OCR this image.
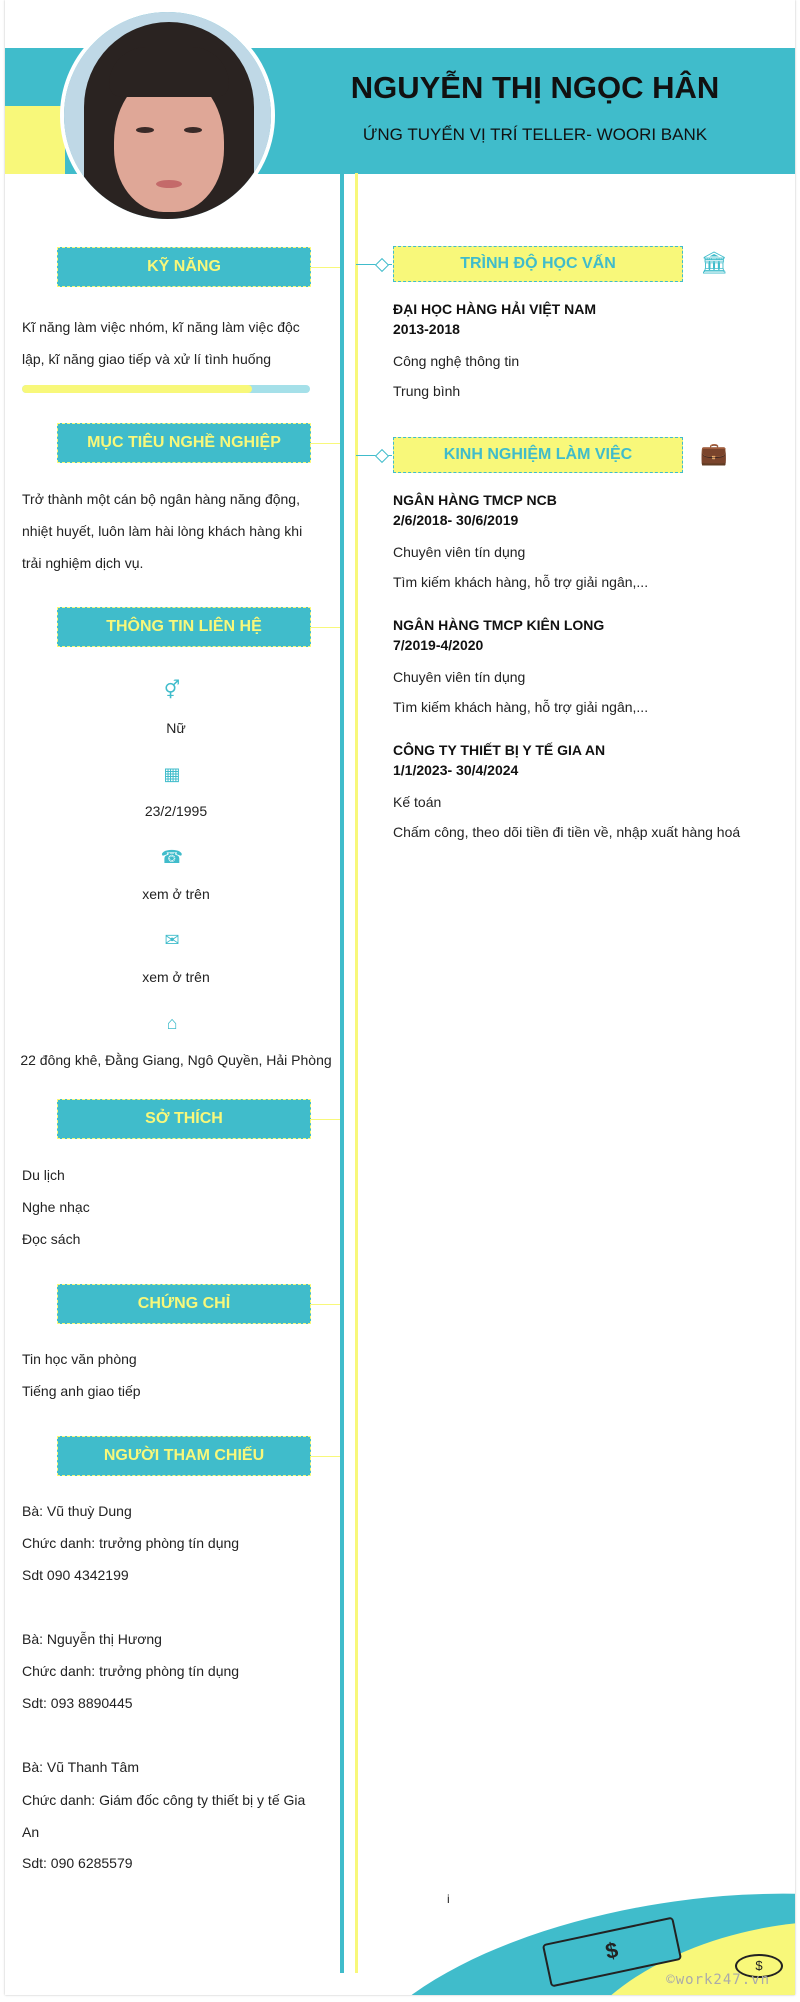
NGUYỄN THỊ NGỌC HÂN
ỨNG TUYỂN VỊ TRÍ TELLER- WOORI BANK
KỸ NĂNG
Kĩ năng làm việc nhóm, kĩ năng làm việc độc lập, kĩ năng giao tiếp và xử lí tình huống
MỤC TIÊU NGHỀ NGHIỆP
Trở thành một cán bộ ngân hàng năng động, nhiệt huyết, luôn làm hài lòng khách hàng khi trải nghiệm dịch vụ.
THÔNG TIN LIÊN HỆ
⚥
Nữ
▦
23/2/1995
☎
xem ở trên
✉
xem ở trên
⌂
22 đông khê, Đằng Giang, Ngô Quyền, Hải Phòng
SỞ THÍCH
Du lịch
Nghe nhạc
Đọc sách
CHỨNG CHỈ
Tin học văn phòng
Tiếng anh giao tiếp
NGƯỜI THAM CHIẾU
Bà: Vũ thuỳ Dung
Chức danh: trưởng phòng tín dụng
Sdt 090 4342199
Bà: Nguyễn thị Hương
Chức danh: trưởng phòng tín dụng
Sdt: 093 8890445
Bà: Vũ Thanh Tâm
Chức danh: Giám đốc công ty thiết bị y tế Gia An
Sdt: 090 6285579
TRÌNH ĐỘ HỌC VẤN	🏛
ĐẠI HỌC HÀNG HẢI VIỆT NAM
2013-2018
Công nghệ thông tin
Trung bình
KINH NGHIỆM LÀM VIỆC	💼
NGÂN HÀNG TMCP NCB
2/6/2018- 30/6/2019
Chuyên viên tín dụng
Tìm kiếm khách hàng, hỗ trợ giải ngân,...
NGÂN HÀNG TMCP KIÊN LONG
7/2019-4/2020
Chuyên viên tín dụng
Tìm kiếm khách hàng, hỗ trợ giải ngân,...
CÔNG TY THIẾT BỊ Y TẾ GIA AN
1/1/2023- 30/4/2024
Kế toán
Chấm công, theo dõi tiền đi tiền về, nhập xuất hàng hoá
i
$
$
©work247.vn
